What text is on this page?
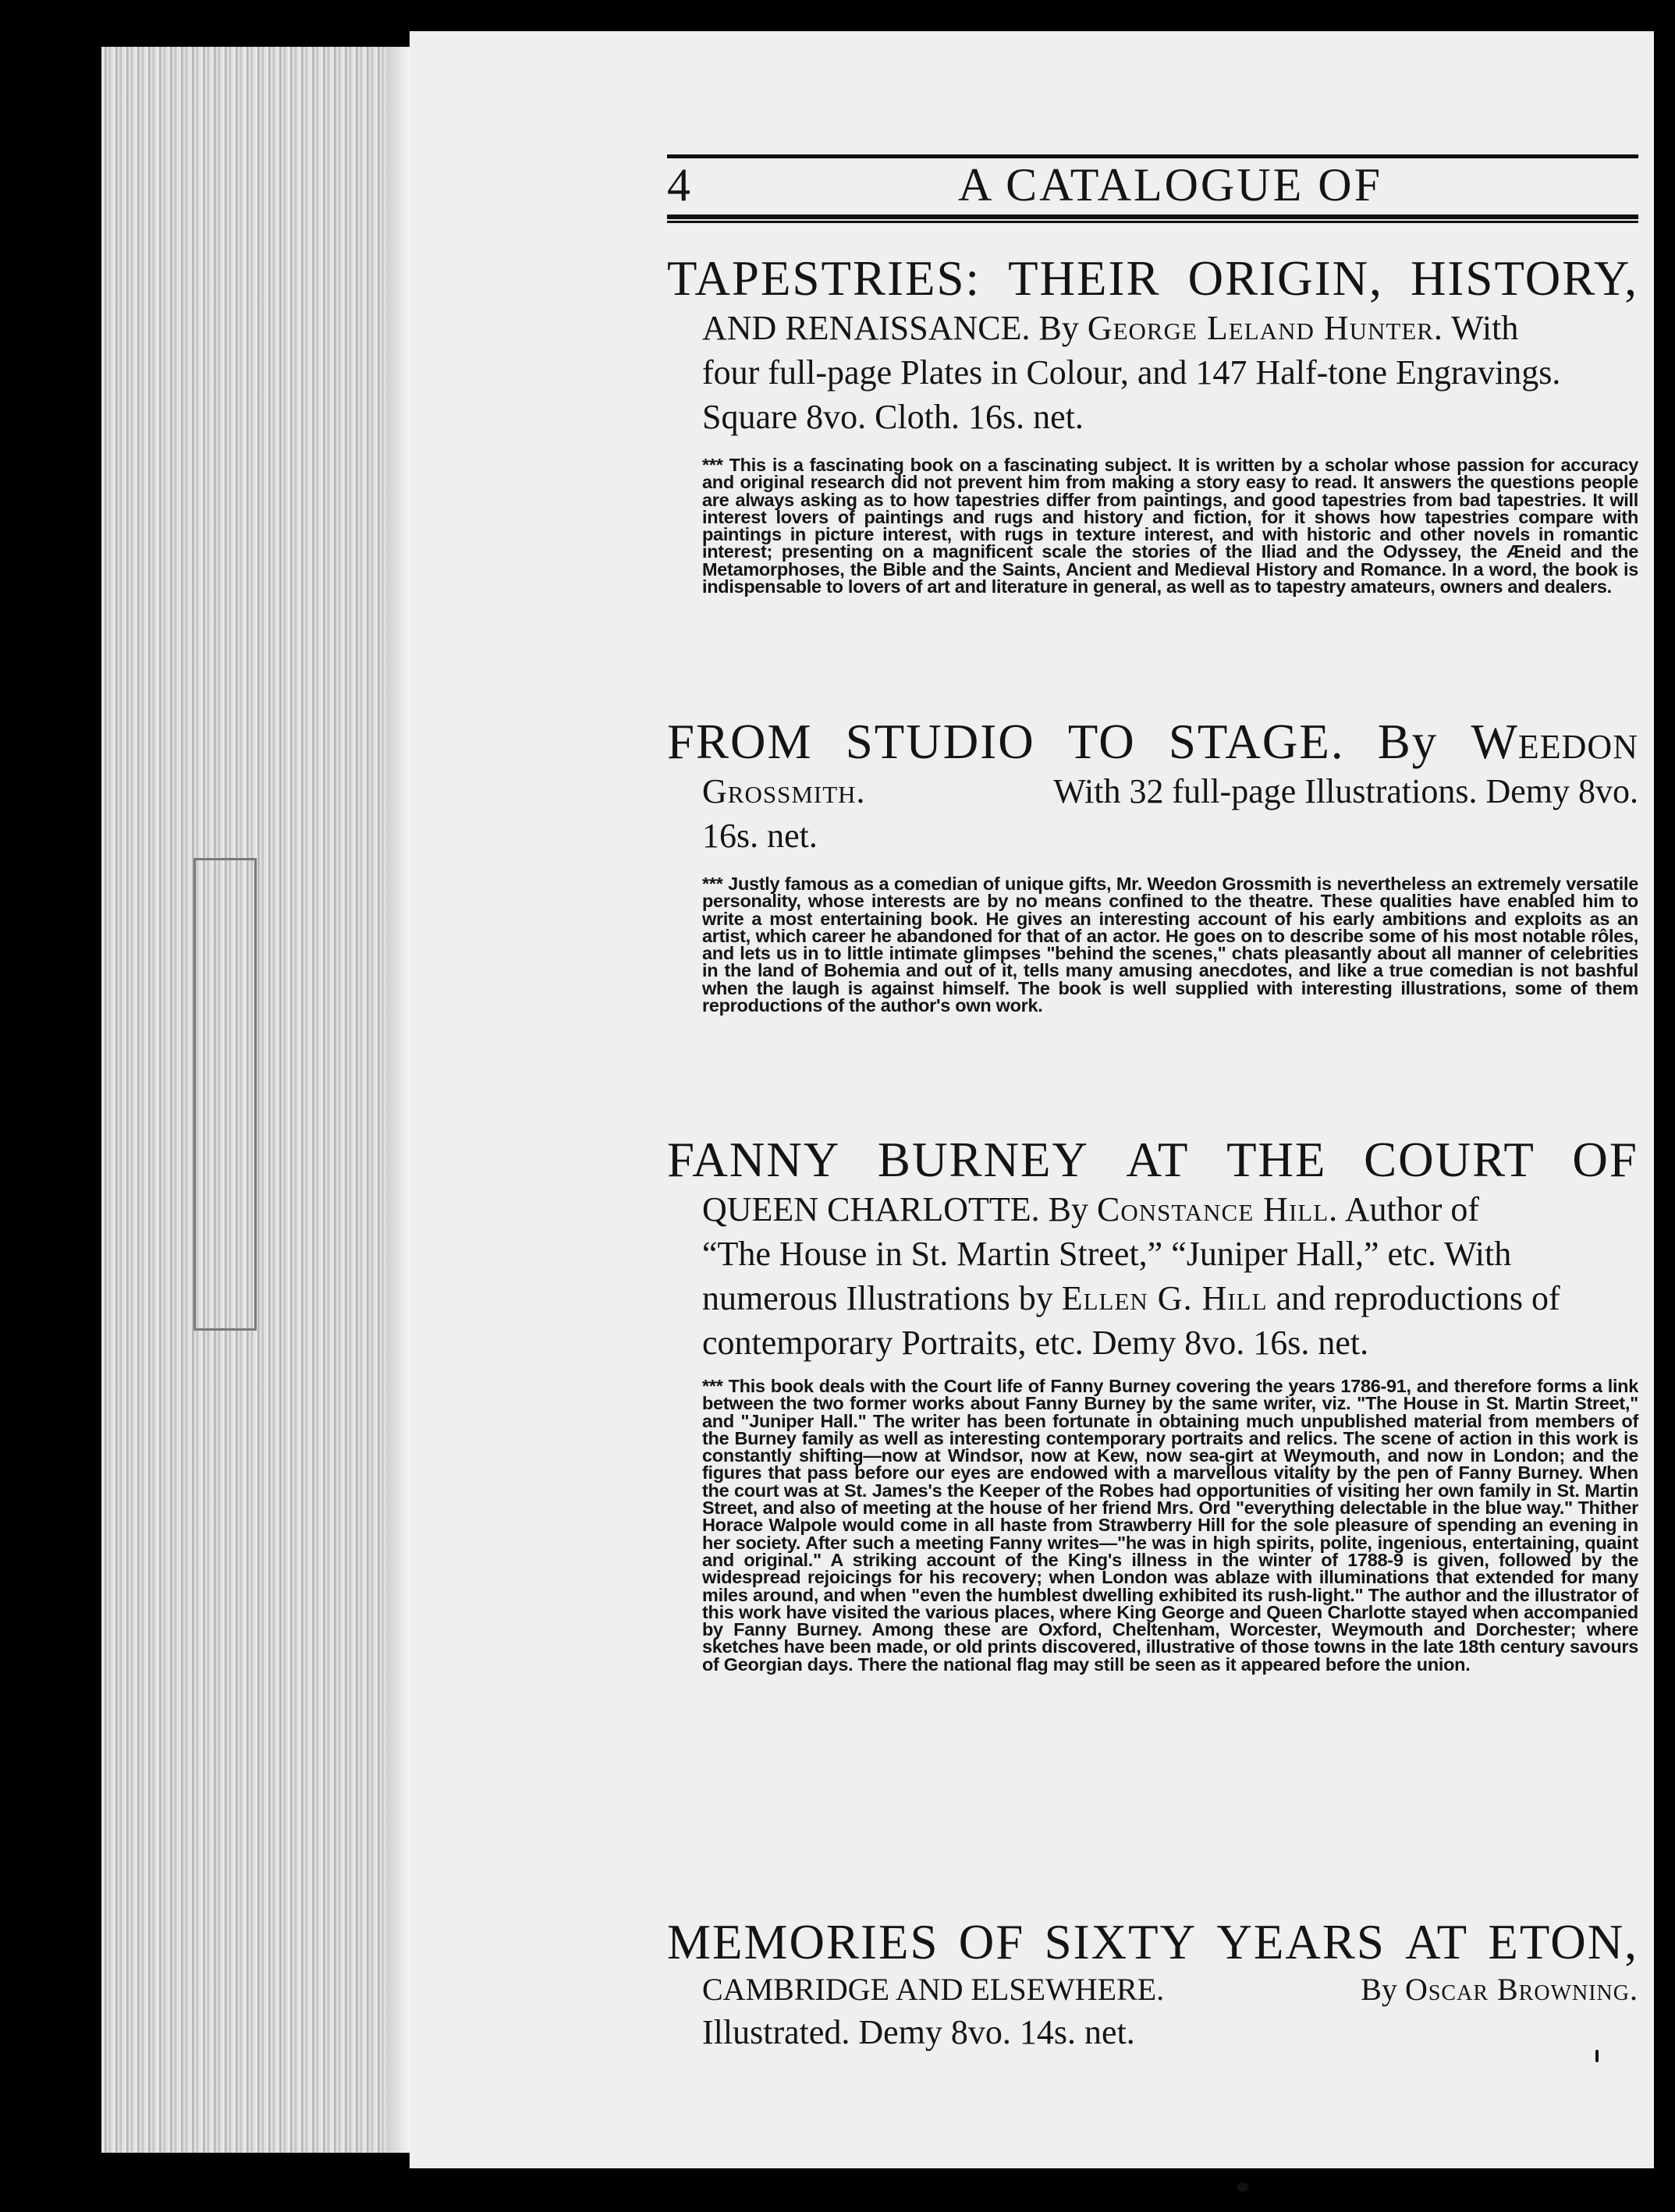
4	A CATALOGUE OF
TAPESTRIES: THEIR ORIGIN, HISTORY,
AND RENAISSANCE. By George Leland Hunter. With
four full-page Plates in Colour, and 147 Half-tone Engravings.
Square 8vo. Cloth. 16s. net.
*** This is a fascinating book on a fascinating subject. It is written by a scholar whose passion for accuracy and original research did not prevent him from making a story easy to read. It answers the questions people are always asking as to how tapestries differ from paintings, and good tapestries from bad tapestries. It will interest lovers of paintings and rugs and history and fiction, for it shows how tapestries compare with paintings in picture interest, with rugs in texture interest, and with historic and other novels in romantic interest; presenting on a magnificent scale the stories of the Iliad and the Odyssey, the Æneid and the Metamorphoses, the Bible and the Saints, Ancient and Medieval History and Romance. In a word, the book is indispensable to lovers of art and literature in general, as well as to tapestry amateurs, owners and dealers.
FROM STUDIO TO STAGE. By Weedon
Grossmith.	With 32 full-page Illustrations. Demy 8vo.
16s. net.
*** Justly famous as a comedian of unique gifts, Mr. Weedon Grossmith is nevertheless an extremely versatile personality, whose interests are by no means confined to the theatre. These qualities have enabled him to write a most entertaining book. He gives an interesting account of his early ambitions and exploits as an artist, which career he abandoned for that of an actor. He goes on to describe some of his most notable rôles, and lets us in to little intimate glimpses "behind the scenes," chats pleasantly about all manner of celebrities in the land of Bohemia and out of it, tells many amusing anecdotes, and like a true comedian is not bashful when the laugh is against himself. The book is well supplied with interesting illustrations, some of them reproductions of the author's own work.
FANNY BURNEY AT THE COURT OF
QUEEN CHARLOTTE. By Constance Hill. Author of
“The House in St. Martin Street,” “Juniper Hall,” etc. With
numerous Illustrations by Ellen G. Hill and reproductions of
contemporary Portraits, etc. Demy 8vo. 16s. net.
*** This book deals with the Court life of Fanny Burney covering the years 1786-91, and therefore forms a link between the two former works about Fanny Burney by the same writer, viz. "The House in St. Martin Street," and "Juniper Hall." The writer has been fortunate in obtaining much unpublished material from members of the Burney family as well as interesting contemporary portraits and relics. The scene of action in this work is constantly shifting—now at Windsor, now at Kew, now sea-girt at Weymouth, and now in London; and the figures that pass before our eyes are endowed with a marvellous vitality by the pen of Fanny Burney. When the court was at St. James's the Keeper of the Robes had opportunities of visiting her own family in St. Martin Street, and also of meeting at the house of her friend Mrs. Ord "everything delectable in the blue way." Thither Horace Walpole would come in all haste from Strawberry Hill for the sole pleasure of spending an evening in her society. After such a meeting Fanny writes—"he was in high spirits, polite, ingenious, entertaining, quaint and original." A striking account of the King's illness in the winter of 1788-9 is given, followed by the widespread rejoicings for his recovery; when London was ablaze with illuminations that extended for many miles around, and when "even the humblest dwelling exhibited its rush-light." The author and the illustrator of this work have visited the various places, where King George and Queen Charlotte stayed when accompanied by Fanny Burney. Among these are Oxford, Cheltenham, Worcester, Weymouth and Dorchester; where sketches have been made, or old prints discovered, illustrative of those towns in the late 18th century savours of Georgian days. There the national flag may still be seen as it appeared before the union.
MEMORIES OF SIXTY YEARS AT ETON,
CAMBRIDGE AND ELSEWHERE.	By Oscar Browning.
Illustrated. Demy 8vo. 14s. net.
